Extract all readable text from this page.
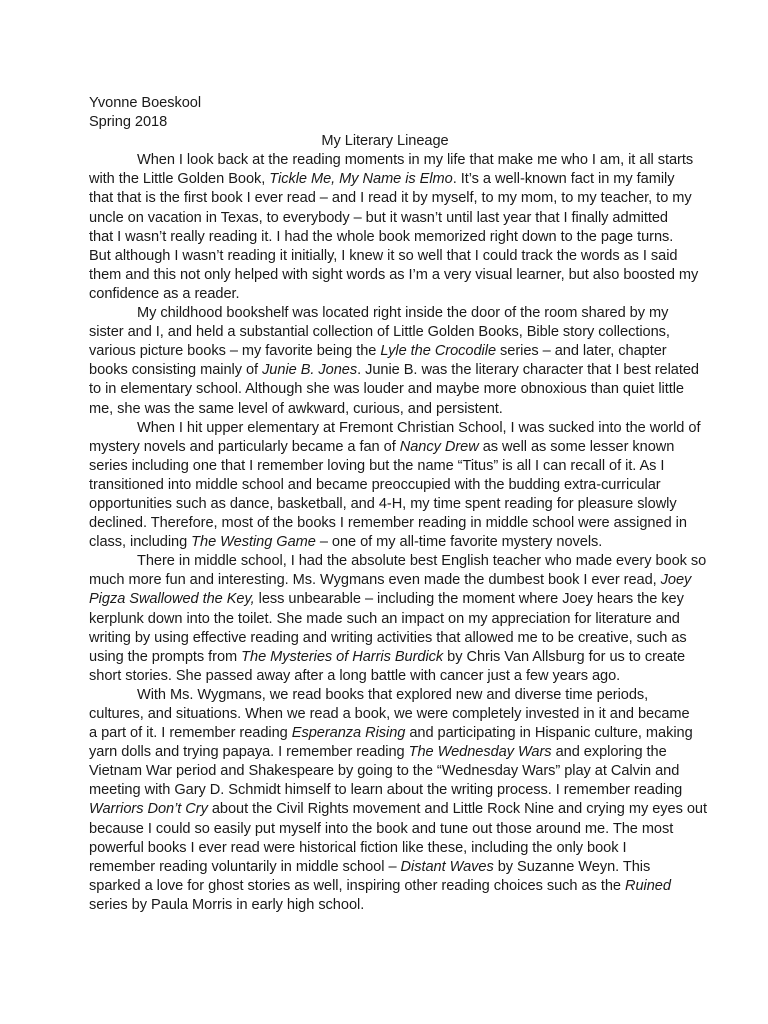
Yvonne Boeskool
Spring 2018
My Literary Lineage
When I look back at the reading moments in my life that make me who I am, it all starts
with the Little Golden Book, Tickle Me, My Name is Elmo. It’s a well-known fact in my family
that that is the first book I ever read – and I read it by myself, to my mom, to my teacher, to my
uncle on vacation in Texas, to everybody – but it wasn’t until last year that I finally admitted
that I wasn’t really reading it. I had the whole book memorized right down to the page turns.
But although I wasn’t reading it initially, I knew it so well that I could track the words as I said
them and this not only helped with sight words as I’m a very visual learner, but also boosted my
confidence as a reader.
My childhood bookshelf was located right inside the door of the room shared by my
sister and I, and held a substantial collection of Little Golden Books, Bible story collections,
various picture books – my favorite being the Lyle the Crocodile series – and later, chapter
books consisting mainly of Junie B. Jones. Junie B. was the literary character that I best related
to in elementary school. Although she was louder and maybe more obnoxious than quiet little
me, she was the same level of awkward, curious, and persistent.
When I hit upper elementary at Fremont Christian School, I was sucked into the world of
mystery novels and particularly became a fan of Nancy Drew as well as some lesser known
series including one that I remember loving but the name “Titus” is all I can recall of it. As I
transitioned into middle school and became preoccupied with the budding extra-curricular
opportunities such as dance, basketball, and 4-H, my time spent reading for pleasure slowly
declined. Therefore, most of the books I remember reading in middle school were assigned in
class, including The Westing Game – one of my all-time favorite mystery novels.
There in middle school, I had the absolute best English teacher who made every book so
much more fun and interesting. Ms. Wygmans even made the dumbest book I ever read, Joey
Pigza Swallowed the Key, less unbearable – including the moment where Joey hears the key
kerplunk down into the toilet. She made such an impact on my appreciation for literature and
writing by using effective reading and writing activities that allowed me to be creative, such as
using the prompts from The Mysteries of Harris Burdick by Chris Van Allsburg for us to create
short stories. She passed away after a long battle with cancer just a few years ago.
With Ms. Wygmans, we read books that explored new and diverse time periods,
cultures, and situations. When we read a book, we were completely invested in it and became
a part of it. I remember reading Esperanza Rising and participating in Hispanic culture, making
yarn dolls and trying papaya. I remember reading The Wednesday Wars and exploring the
Vietnam War period and Shakespeare by going to the “Wednesday Wars” play at Calvin and
meeting with Gary D. Schmidt himself to learn about the writing process. I remember reading
Warriors Don’t Cry about the Civil Rights movement and Little Rock Nine and crying my eyes out
because I could so easily put myself into the book and tune out those around me. The most
powerful books I ever read were historical fiction like these, including the only book I
remember reading voluntarily in middle school – Distant Waves by Suzanne Weyn. This
sparked a love for ghost stories as well, inspiring other reading choices such as the Ruined
series by Paula Morris in early high school.
